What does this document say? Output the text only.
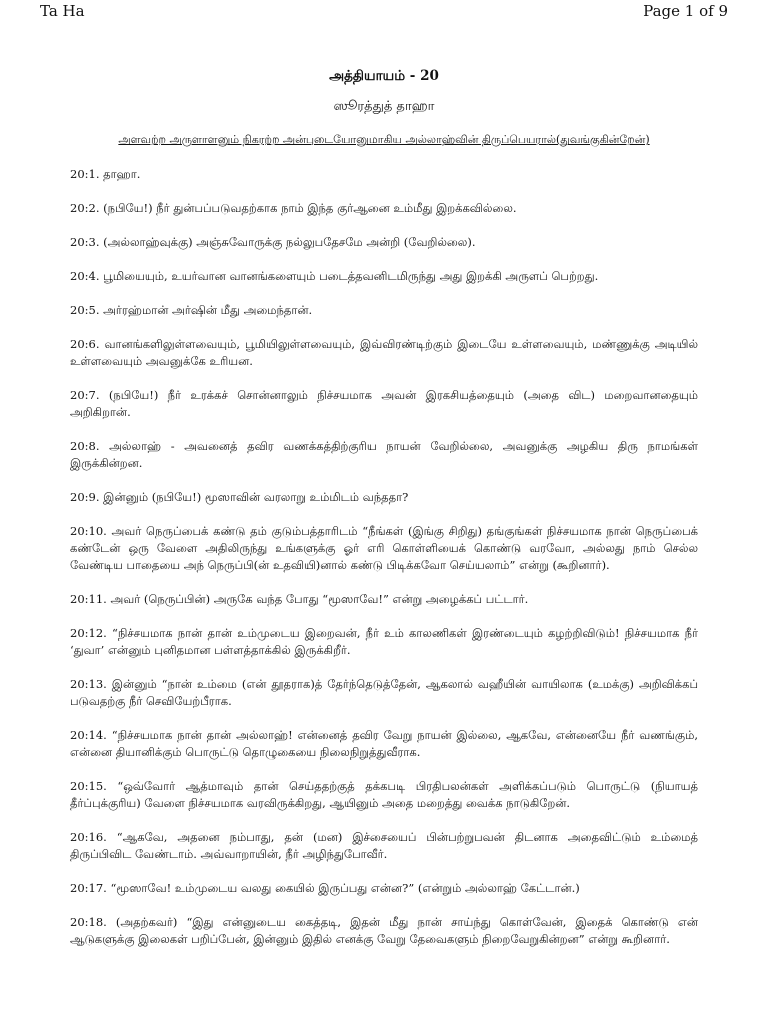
Ta Ha	Page 1 of 9
அத்தியாயம் - 20
ஸூரத்துத் தாஹா
அளவற்ற அருளாளனும் நிகரற்ற அன்புடையோனுமாகிய அல்லாஹ்வின் திருப்பெயரால்(துவங்குகின்றேன்)
20:1. தாஹா.
20:2. (நபியே!) நீர் துன்பப்படுவதற்காக நாம் இந்த குர்ஆனை உம்மீது இறக்கவில்லை.
20:3. (அல்லாஹ்வுக்கு) அஞ்சுவோருக்கு நல்லுபதேசமே அன்றி (வேறில்லை).
20:4. பூமியையும், உயர்வான வானங்களையும் படைத்தவனிடமிருந்து அது இறக்கி அருளப் பெற்றது.
20:5. அர்ரஹ்மான் அர்ஷின் மீது அமைந்தான்.
20:6. வானங்களிலுள்ளவையும், பூமியிலுள்ளவையும், இவ்விரண்டிற்கும் இடையே உள்ளவையும், மண்ணுக்கு அடியில் உள்ளவையும் அவனுக்கே உரியன.
20:7. (நபியே!) நீர் உரக்கச் சொன்னாலும் நிச்சயமாக அவன் இரகசியத்தையும் (அதை விட) மறைவானதையும் அறிகிறான்.
20:8. அல்லாஹ் - அவனைத் தவிர வணக்கத்திற்குரிய நாயன் வேறில்லை, அவனுக்கு அழகிய திரு நாமங்கள் இருக்கின்றன.
20:9. இன்னும் (நபியே!) மூஸாவின் வரலாறு உம்மிடம் வந்ததா?
20:10. அவர் நெருப்பைக் கண்டு தம் குடும்பத்தாரிடம் “நீங்கள் (இங்கு சிறிது) தங்குங்கள் நிச்சயமாக நான் நெருப்பைக் கண்டேன் ஒரு வேளை அதிலிருந்து உங்களுக்கு ஓர் எரி கொள்ளியைக் கொண்டு வரவோ, அல்லது நாம் செல்ல வேண்டிய பாதையை அந் நெருப்பி(ன் உதவியி)னால் கண்டு பிடிக்கவோ செய்யலாம்” என்று (கூறினார்).
20:11. அவர் (நெருப்பின்) அருகே வந்த போது “மூஸாவே!” என்று அழைக்கப் பட்டார்.
20:12. “நிச்சயமாக நான் தான் உம்முடைய இறைவன், நீர் உம் காலணிகள் இரண்டையும் கழற்றிவிடும்! நிச்சயமாக நீர் ‘துவா’ என்னும் புனிதமான பள்ளத்தாக்கில் இருக்கிறீர்.
20:13. இன்னும் “நான் உம்மை (என் தூதராக)த் தேர்ந்தெடுத்தேன், ஆகலால் வஹீயின் வாயிலாக (உமக்கு) அறிவிக்கப் படுவதற்கு நீர் செவியேற்பீராக.
20:14. “நிச்சயமாக நான் தான் அல்லாஹ்! என்னைத் தவிர வேறு நாயன் இல்லை, ஆகவே, என்னையே நீர் வணங்கும், என்னை தியானிக்கும் பொருட்டு தொழுகையை நிலைநிறுத்துவீராக.
20:15. “ஒவ்வோர் ஆத்மாவும் தான் செய்ததற்குத் தக்கபடி பிரதிபலன்கள் அளிக்கப்படும் பொருட்டு (நியாயத் தீர்ப்புக்குரிய) வேளை நிச்சயமாக வரவிருக்கிறது, ஆயினும் அதை மறைத்து வைக்க நாடுகிறேன்.
20:16. “ஆகவே, அதனை நம்பாது, தன் (மன) இச்சையைப் பின்பற்றுபவன் திடனாக அதைவிட்டும் உம்மைத் திருப்பிவிட வேண்டாம். அவ்வாறாயின், நீர் அழிந்துபோவீர்.
20:17. “மூஸாவே! உம்முடைய வலது கையில் இருப்பது என்ன?” (என்றும் அல்லாஹ் கேட்டான்.)
20:18. (அதற்கவர்) “இது என்னுடைய கைத்தடி, இதன் மீது நான் சாய்ந்து கொள்வேன், இதைக் கொண்டு என் ஆடுகளுக்கு இலைகள் பறிப்பேன், இன்னும் இதில் எனக்கு வேறு தேவைகளும் நிறைவேறுகின்றன” என்று கூறினார்.
